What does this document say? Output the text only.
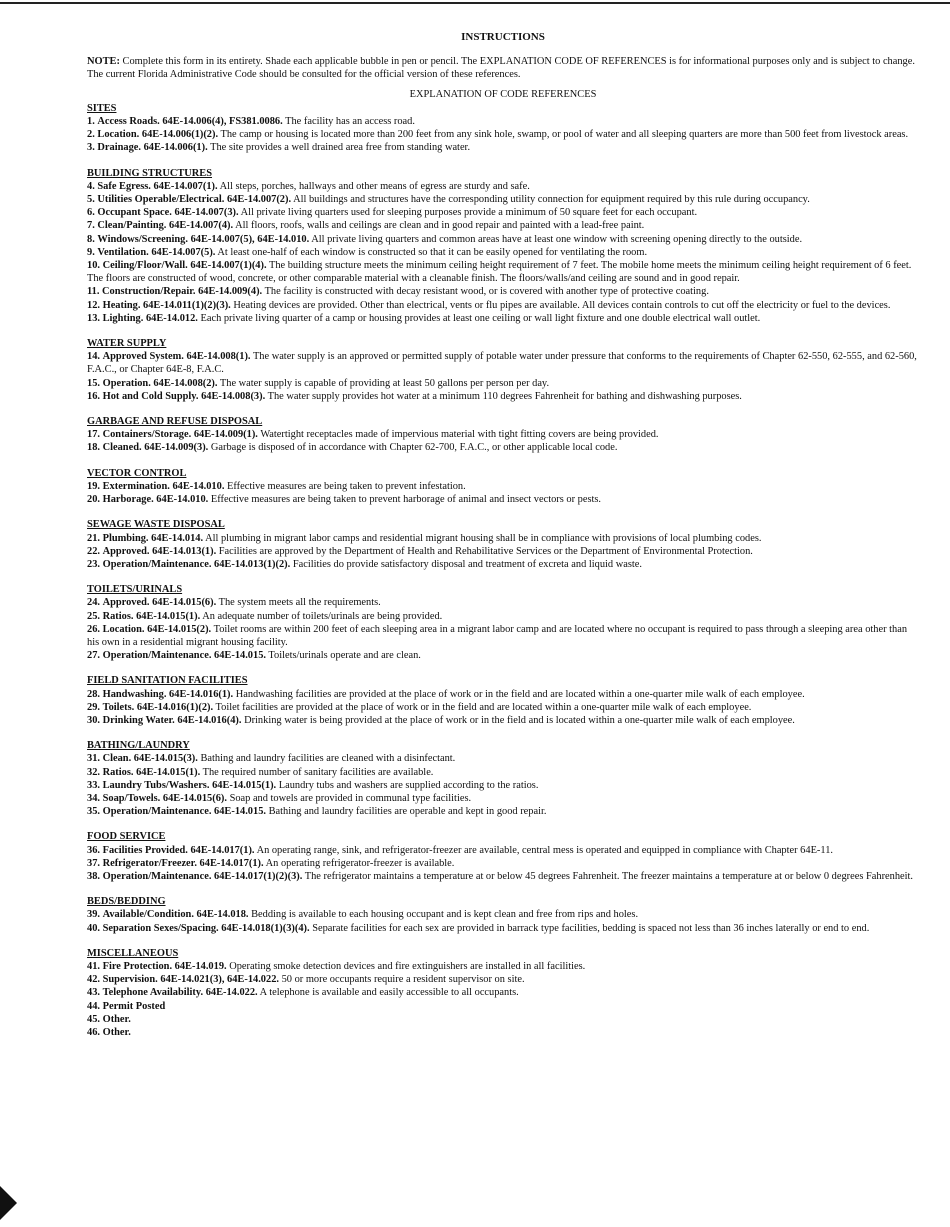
INSTRUCTIONS
NOTE: Complete this form in its entirety. Shade each applicable bubble in pen or pencil. The EXPLANATION CODE OF REFERENCES is for informational purposes only and is subject to change. The current Florida Administrative Code should be consulted for the official version of these references.
EXPLANATION OF CODE REFERENCES
SITES
1. Access Roads. 64E-14.006(4), FS381.0086. The facility has an access road.
2. Location. 64E-14.006(1)(2). The camp or housing is located more than 200 feet from any sink hole, swamp, or pool of water and all sleeping quarters are more than 500 feet from livestock areas.
3. Drainage. 64E-14.006(1). The site provides a well drained area free from standing water.
BUILDING STRUCTURES
4. Safe Egress. 64E-14.007(1). All steps, porches, hallways and other means of egress are sturdy and safe.
5. Utilities Operable/Electrical. 64E-14.007(2). All buildings and structures have the corresponding utility connection for equipment required by this rule during occupancy.
6. Occupant Space. 64E-14.007(3). All private living quarters used for sleeping purposes provide a minimum of 50 square feet for each occupant.
7. Clean/Painting. 64E-14.007(4). All floors, roofs, walls and ceilings are clean and in good repair and painted with a lead-free paint.
8. Windows/Screening. 64E-14.007(5), 64E-14.010. All private living quarters and common areas have at least one window with screening opening directly to the outside.
9. Ventilation. 64E-14.007(5). At least one-half of each window is constructed so that it can be easily opened for ventilating the room.
10. Ceiling/Floor/Wall. 64E-14.007(1)(4). The building structure meets the minimum ceiling height requirement of 7 feet. The mobile home meets the minimum ceiling height requirement of 6 feet. The floors are constructed of wood, concrete, or other comparable material with a cleanable finish. The floors/walls/and ceiling are sound and in good repair.
11. Construction/Repair. 64E-14.009(4). The facility is constructed with decay resistant wood, or is covered with another type of protective coating.
12. Heating. 64E-14.011(1)(2)(3). Heating devices are provided. Other than electrical, vents or flu pipes are available. All devices contain controls to cut off the electricity or fuel to the devices.
13. Lighting. 64E-14.012. Each private living quarter of a camp or housing provides at least one ceiling or wall light fixture and one double electrical wall outlet.
WATER SUPPLY
14. Approved System. 64E-14.008(1). The water supply is an approved or permitted supply of potable water under pressure that conforms to the requirements of Chapter 62-550, 62-555, and 62-560, F.A.C., or Chapter 64E-8, F.A.C.
15. Operation. 64E-14.008(2). The water supply is capable of providing at least 50 gallons per person per day.
16. Hot and Cold Supply. 64E-14.008(3). The water supply provides hot water at a minimum 110 degrees Fahrenheit for bathing and dishwashing purposes.
GARBAGE AND REFUSE DISPOSAL
17. Containers/Storage. 64E-14.009(1). Watertight receptacles made of impervious material with tight fitting covers are being provided.
18. Cleaned. 64E-14.009(3). Garbage is disposed of in accordance with Chapter 62-700, F.A.C., or other applicable local code.
VECTOR CONTROL
19. Extermination. 64E-14.010. Effective measures are being taken to prevent infestation.
20. Harborage. 64E-14.010. Effective measures are being taken to prevent harborage of animal and insect vectors or pests.
SEWAGE WASTE DISPOSAL
21. Plumbing. 64E-14.014. All plumbing in migrant labor camps and residential migrant housing shall be in compliance with provisions of local plumbing codes.
22. Approved. 64E-14.013(1). Facilities are approved by the Department of Health and Rehabilitative Services or the Department of Environmental Protection.
23. Operation/Maintenance. 64E-14.013(1)(2). Facilities do provide satisfactory disposal and treatment of excreta and liquid waste.
TOILETS/URINALS
24. Approved. 64E-14.015(6). The system meets all the requirements.
25. Ratios. 64E-14.015(1). An adequate number of toilets/urinals are being provided.
26. Location. 64E-14.015(2). Toilet rooms are within 200 feet of each sleeping area in a migrant labor camp and are located where no occupant is required to pass through a sleeping area other than his own in a residential migrant housing facility.
27. Operation/Maintenance. 64E-14.015. Toilets/urinals operate and are clean.
FIELD SANITATION FACILITIES
28. Handwashing. 64E-14.016(1). Handwashing facilities are provided at the place of work or in the field and are located within a one-quarter mile walk of each employee.
29. Toilets. 64E-14.016(1)(2). Toilet facilities are provided at the place of work or in the field and are located within a one-quarter mile walk of each employee.
30. Drinking Water. 64E-14.016(4). Drinking water is being provided at the place of work or in the field and is located within a one-quarter mile walk of each employee.
BATHING/LAUNDRY
31. Clean. 64E-14.015(3). Bathing and laundry facilities are cleaned with a disinfectant.
32. Ratios. 64E-14.015(1). The required number of sanitary facilities are available.
33. Laundry Tubs/Washers. 64E-14.015(1). Laundry tubs and washers are supplied according to the ratios.
34. Soap/Towels. 64E-14.015(6). Soap and towels are provided in communal type facilities.
35. Operation/Maintenance. 64E-14.015. Bathing and laundry facilities are operable and kept in good repair.
FOOD SERVICE
36. Facilities Provided. 64E-14.017(1). An operating range, sink, and refrigerator-freezer are available, central mess is operated and equipped in compliance with Chapter 64E-11.
37. Refrigerator/Freezer. 64E-14.017(1). An operating refrigerator-freezer is available.
38. Operation/Maintenance. 64E-14.017(1)(2)(3). The refrigerator maintains a temperature at or below 45 degrees Fahrenheit. The freezer maintains a temperature at or below 0 degrees Fahrenheit.
BEDS/BEDDING
39. Available/Condition. 64E-14.018. Bedding is available to each housing occupant and is kept clean and free from rips and holes.
40. Separation Sexes/Spacing. 64E-14.018(1)(3)(4). Separate facilities for each sex are provided in barrack type facilities, bedding is spaced not less than 36 inches laterally or end to end.
MISCELLANEOUS
41. Fire Protection. 64E-14.019. Operating smoke detection devices and fire extinguishers are installed in all facilities.
42. Supervision. 64E-14.021(3), 64E-14.022. 50 or more occupants require a resident supervisor on site.
43. Telephone Availability. 64E-14.022. A telephone is available and easily accessible to all occupants.
44. Permit Posted
45. Other.
46. Other.
